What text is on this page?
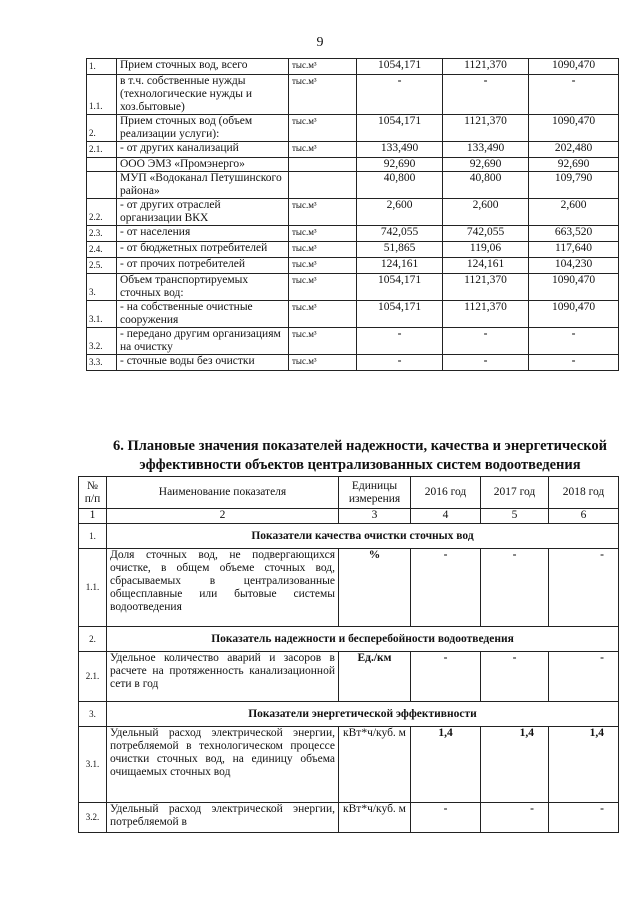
9
1.	Прием сточных вод, всего	тыс.м³	1054,171	1121,370	1090,470
1.1.	в т.ч. собственные нужды (технологические нужды и хоз.бытовые)	тыс.м³	-	-	-
2.	Прием сточных вод (объем реализации услуги):	тыс.м³	1054,171	1121,370	1090,470
2.1.	- от других канализаций	тыс.м³	133,490	133,490	202,480
	ООО ЭМЗ «Промэнерго»		92,690	92,690	92,690
	МУП «Водоканал Петушинского района»		40,800	40,800	109,790
2.2.	- от других отраслей организации ВКХ	тыс.м³	2,600	2,600	2,600
2.3.	- от населения	тыс.м³	742,055	742,055	663,520
2.4.	- от бюджетных потребителей	тыс.м³	51,865	119,06	117,640
2.5.	- от прочих потребителей	тыс.м³	124,161	124,161	104,230
3.	Объем транспортируемых сточных вод:	тыс.м³	1054,171	1121,370	1090,470
3.1.	- на собственные очистные сооружения	тыс.м³	1054,171	1121,370	1090,470
3.2.	- передано другим организациям на очистку	тыс.м³	-	-	-
3.3.	- сточные воды без очистки	тыс.м³	-	-	-
6. Плановые значения показателей надежности, качества и энергетической эффективности объектов централизованных систем водоотведения
№ п/п	Наименование показателя	Единицы измерения	2016 год	2017 год	2018 год
1	2	3	4	5	6
1.	Показатели качества очистки сточных вод				
1.1.	Доля сточных вод, не подвергающихся очистке, в общем объеме сточных вод, сбрасываемых в централизованные общесплавные или бытовые системы водоотведения	%	-	-	-
2.	Показатель надежности и бесперебойности водоотведения				
2.1.	Удельное количество аварий и засоров в расчете на протяженность канализационной сети в год	Ед./км	-	-	-
3.	Показатели энергетической эффективности				
3.1.	Удельный расход электрической энергии, потребляемой в технологическом процессе очистки сточных вод, на единицу объема очищаемых сточных вод	кВт*ч/куб. м	1,4	1,4	1,4
3.2.	Удельный расход электрической энергии, потребляемой в	кВт*ч/куб. м	-	-	-
